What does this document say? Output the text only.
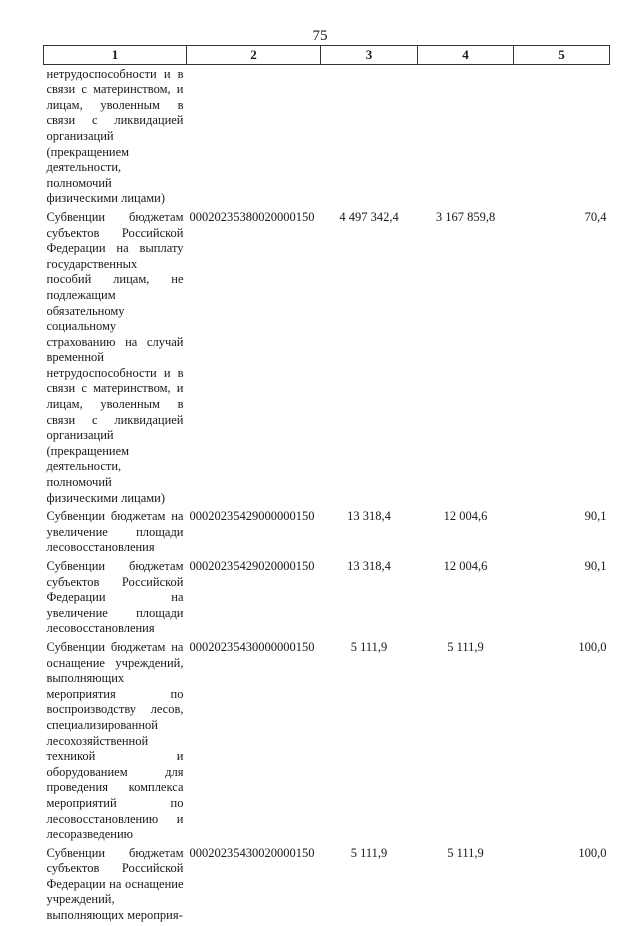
75
1	2	3	4	5
нетрудоспособности и в связи с материнством, и лицам, уволенным в связи с ликвидацией организаций (прекращением деятельности, полномочий физическими лицами)				
Субвенции бюджетам субъектов Российской Федерации на выплату государственных пособий лицам, не подлежащим обязательному социальному страхованию на случай временной нетрудоспособности и в связи с материнством, и лицам, уволенным в связи с ликвидацией организаций (прекращением деятельности, полномочий физическими лицами)	00020235380020000150	4 497 342,4	3 167 859,8	70,4
Субвенции бюджетам на увеличение площади лесовосстановления	00020235429000000150	13 318,4	12 004,6	90,1
Субвенции бюджетам субъектов Российской Федерации на увеличение площади лесовосстановления	00020235429020000150	13 318,4	12 004,6	90,1
Субвенции бюджетам на оснащение учреждений, выполняющих мероприятия по воспроизводству лесов, специализированной лесохозяйственной техникой и оборудованием для проведения комплекса мероприятий по лесовосстановлению и лесоразведению	00020235430000000150	5 111,9	5 111,9	100,0
Субвенции бюджетам субъектов Российской Федерации на оснащение учреждений, выполняющих мероприя-	00020235430020000150	5 111,9	5 111,9	100,0
